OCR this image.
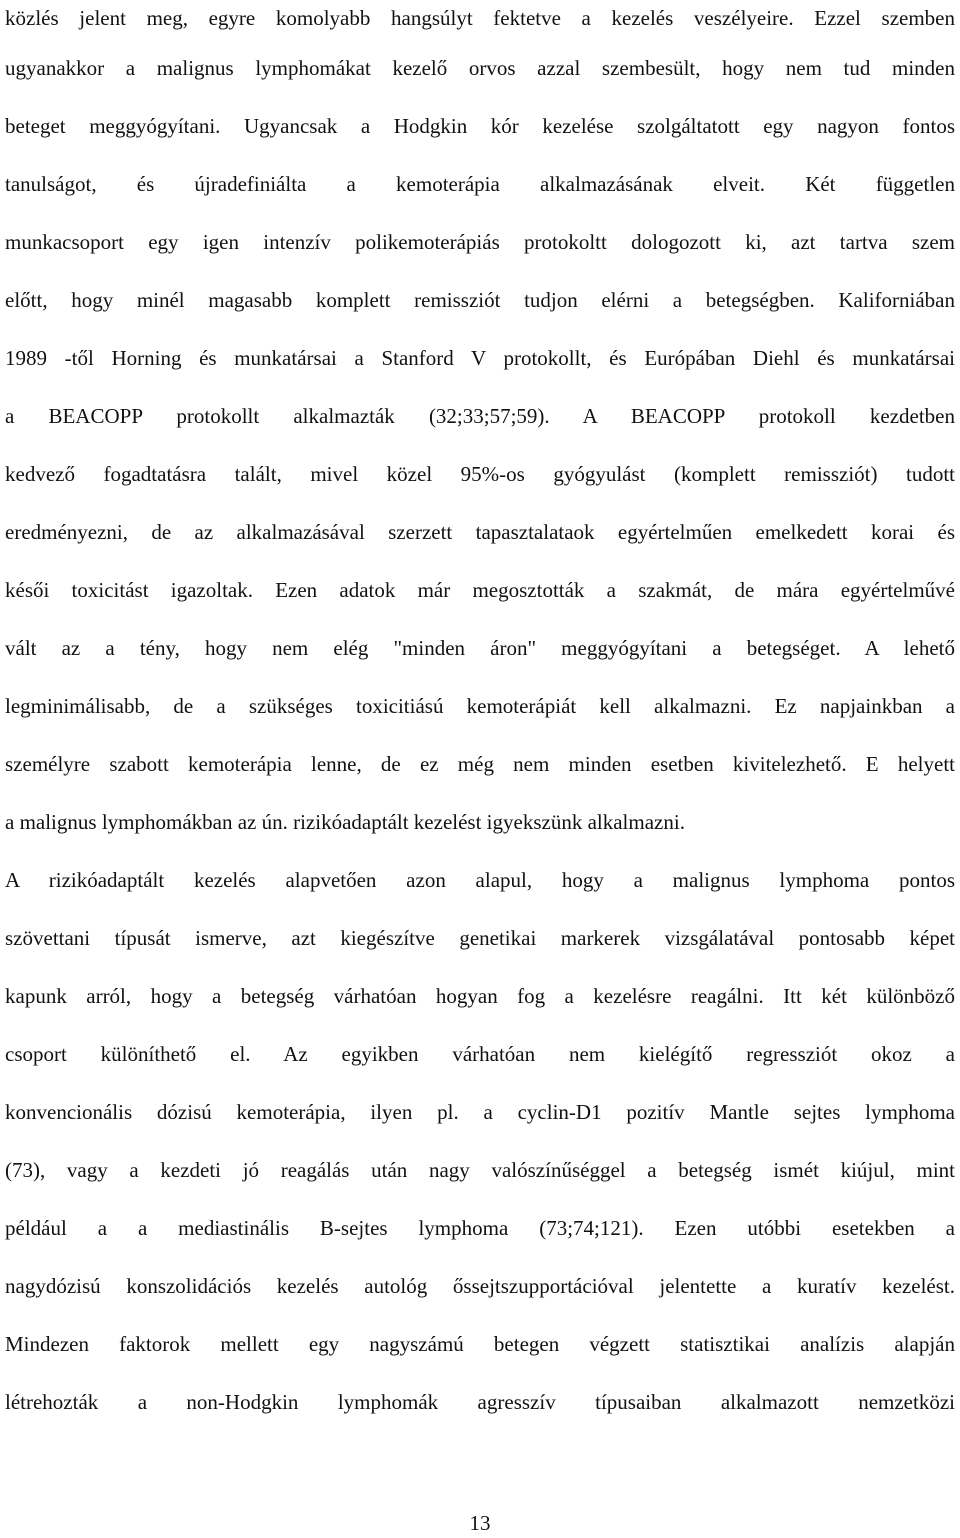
közlés jelent meg, egyre komolyabb hangsúlyt fektetve a kezelés veszélyeire. Ezzel szemben
ugyanakkor a malignus lymphomákat kezelő orvos azzal szembesült, hogy nem tud minden
beteget meggyógyítani. Ugyancsak a Hodgkin kór kezelése szolgáltatott egy nagyon fontos
tanulságot, és újradefiniálta a kemoterápia alkalmazásának elveit. Két független
munkacsoport egy igen intenzív polikemoterápiás protokoltt dologozott ki, azt tartva szem
előtt, hogy minél magasabb komplett remissziót tudjon elérni a betegségben. Kaliforniában
1989 -től Horning és munkatársai a Stanford V protokollt, és Európában Diehl és munkatársai
a BEACOPP protokollt alkalmazták (32;33;57;59). A BEACOPP protokoll kezdetben
kedvező fogadtatásra talált, mivel közel 95%-os gyógyulást (komplett remissziót) tudott
eredményezni, de az alkalmazásával szerzett tapasztalataok egyértelműen emelkedett korai és
késői toxicitást igazoltak. Ezen adatok már megosztották a szakmát, de mára egyértelművé
vált az a tény, hogy nem elég "minden áron" meggyógyítani a betegséget. A lehető
legminimálisabb, de a szükséges toxicitiású kemoterápiát kell alkalmazni. Ez napjainkban a
személyre szabott kemoterápia lenne, de ez még nem minden esetben kivitelezhető. E helyett
a malignus lymphomákban az ún. rizikóadaptált kezelést igyekszünk alkalmazni.
A rizikóadaptált kezelés alapvetően azon alapul, hogy a malignus lymphoma pontos
szövettani típusát ismerve, azt kiegészítve genetikai markerek vizsgálatával pontosabb képet
kapunk arról, hogy a betegség várhatóan hogyan fog a kezelésre reagálni. Itt két különböző
csoport különíthető el. Az egyikben várhatóan nem kielégítő regressziót okoz a
konvencionális dózisú kemoterápia, ilyen pl. a cyclin-D1 pozitív Mantle sejtes lymphoma
(73), vagy a kezdeti jó reagálás után nagy valószínűséggel a betegség ismét kiújul, mint
például a a mediastinális B-sejtes lymphoma (73;74;121). Ezen utóbbi esetekben a
nagydózisú konszolidációs kezelés autológ őssejtszupportációval jelentette a kuratív kezelést.
Mindezen faktorok mellett egy nagyszámú betegen végzett statisztikai analízis alapján
létrehozták a non-Hodgkin lymphomák agresszív típusaiban alkalmazott nemzetközi
13
